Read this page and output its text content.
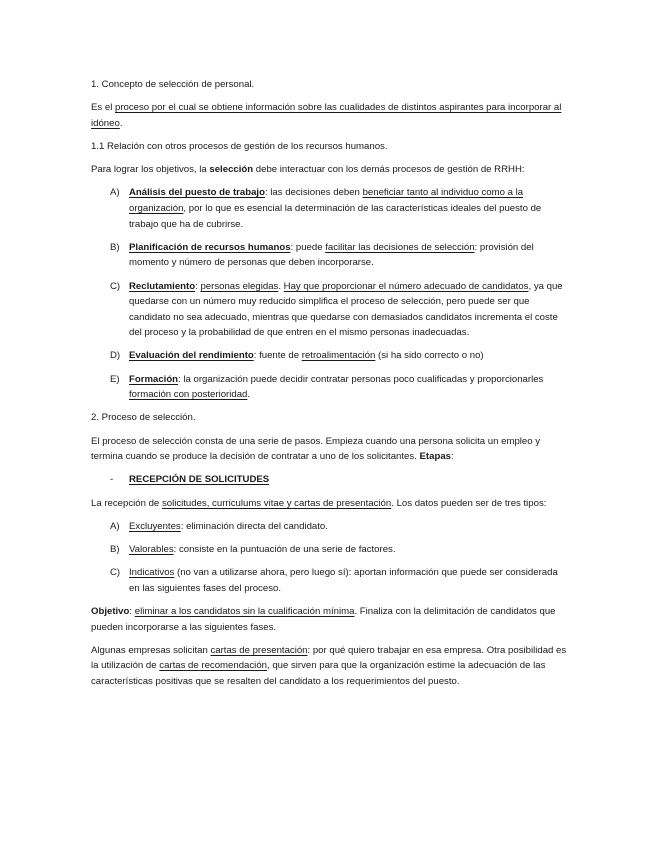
1. Concepto de selección de personal.

Es el proceso por el cual se obtiene información sobre las cualidades de distintos aspirantes para incorporar al idóneo.

1.1 Relación con otros procesos de gestión de los recursos humanos.

Para lograr los objetivos, la selección debe interactuar con los demás procesos de gestión de RRHH:

A) Análisis del puesto de trabajo: las decisiones deben beneficiar tanto al individuo como a la organización, por lo que es esencial la determinación de las características ideales del puesto de trabajo que ha de cubrirse.
B) Planificación de recursos humanos: puede facilitar las decisiones de selección: provisión del momento y número de personas que deben incorporarse.
C) Reclutamiento: personas elegidas. Hay que proporcionar el número adecuado de candidatos, ya que quedarse con un número muy reducido simplifica el proceso de selección, pero puede ser que candidato no sea adecuado, mientras que quedarse con demasiados candidatos incrementa el coste del proceso y la probabilidad de que entren en el mismo personas inadecuadas.
D) Evaluación del rendimiento: fuente de retroalimentación (si ha sido correcto o no)
E) Formación: la organización puede decidir contratar personas poco cualificadas y proporcionarles formación con posterioridad.

2. Proceso de selección.

El proceso de selección consta de una serie de pasos. Empieza cuando una persona solicita un empleo y termina cuando se produce la decisión de contratar a uno de los solicitantes. Etapas:

- RECEPCIÓN DE SOLICITUDES

La recepción de solicitudes, curriculums vitae y cartas de presentación. Los datos pueden ser de tres tipos:

A) Excluyentes: eliminación directa del candidato.
B) Valorables: consiste en la puntuación de una serie de factores.
C) Indicativos (no van a utilizarse ahora, pero luego sí): aportan información que puede ser considerada en las siguientes fases del proceso.

Objetivo: eliminar a los candidatos sin la cualificación mínima. Finaliza con la delimitación de candidatos que pueden incorporarse a las siguientes fases.

Algunas empresas solicitan cartas de presentación: por qué quiero trabajar en esa empresa. Otra posibilidad es la utilización de cartas de recomendación, que sirven para que la organización estime la adecuación de las características positivas que se resalten del candidato a los requerimientos del puesto.
